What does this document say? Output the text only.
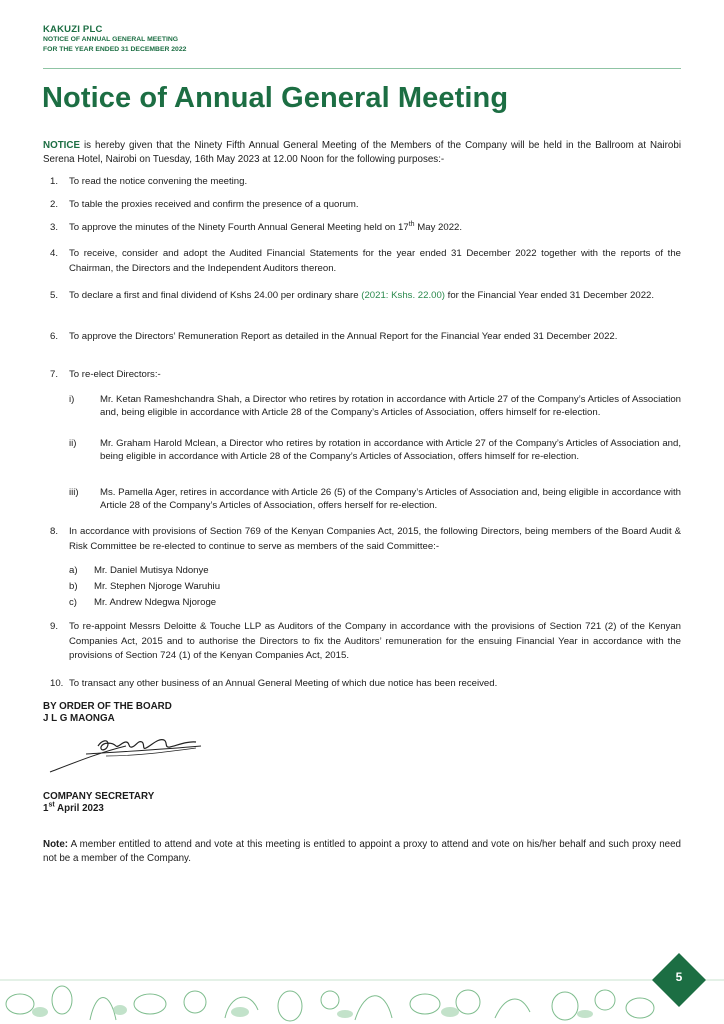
KAKUZI PLC
NOTICE OF ANNUAL GENERAL MEETING
FOR THE YEAR ENDED 31 DECEMBER 2022
Notice of Annual General Meeting
NOTICE is hereby given that the Ninety Fifth Annual General Meeting of the Members of the Company will be held in the Ballroom at Nairobi Serena Hotel, Nairobi on Tuesday, 16th May 2023 at 12.00 Noon for the following purposes:-
1. To read the notice convening the meeting.
2. To table the proxies received and confirm the presence of a quorum.
3. To approve the minutes of the Ninety Fourth Annual General Meeting held on 17th May 2022.
4. To receive, consider and adopt the Audited Financial Statements for the year ended 31 December 2022 together with the reports of the Chairman, the Directors and the Independent Auditors thereon.
5. To declare a first and final dividend of Kshs 24.00 per ordinary share (2021: Kshs. 22.00) for the Financial Year ended 31 December 2022.
6. To approve the Directors’ Remuneration Report as detailed in the Annual Report for the Financial Year ended 31 December 2022.
7. To re-elect Directors:-
i)	Mr. Ketan Rameshchandra Shah, a Director who retires by rotation in accordance with Article 27 of the Company’s Articles of Association and, being eligible in accordance with Article 28 of the Company’s Articles of Association, offers himself for re-election.
ii) Mr. Graham Harold Mclean, a Director who retires by rotation in accordance with Article 27 of the Company’s Articles of Association and, being eligible in accordance with Article 28 of the Company’s Articles of Association, offers himself for re-election.
iii) Ms. Pamella Ager, retires in accordance with Article 26 (5) of the Company’s Articles of Association and, being eligible in accordance with Article 28 of the Company’s Articles of Association, offers herself for re-election.
8. In accordance with provisions of Section 769 of the Kenyan Companies Act, 2015, the following Directors, being members of the Board Audit & Risk Committee be re-elected to continue to serve as members of the said Committee:-
a) Mr. Daniel Mutisya Ndonye
b) Mr. Stephen Njoroge Waruhiu
c) Mr. Andrew Ndegwa Njoroge
9. To re-appoint Messrs Deloitte & Touche LLP as Auditors of the Company in accordance with the provisions of Section 721 (2) of the Kenyan Companies Act, 2015 and to authorise the Directors to fix the Auditors’ remuneration for the ensuing Financial Year in accordance with the provisions of Section 724 (1) of the Kenyan Companies Act, 2015.
10. To transact any other business of an Annual General Meeting of which due notice has been received.
BY ORDER OF THE BOARD
J L G MAONGA
COMPANY SECRETARY
1st April 2023
Note: A member entitled to attend and vote at this meeting is entitled to appoint a proxy to attend and vote on his/her behalf and such proxy need not be a member of the Company.
5
